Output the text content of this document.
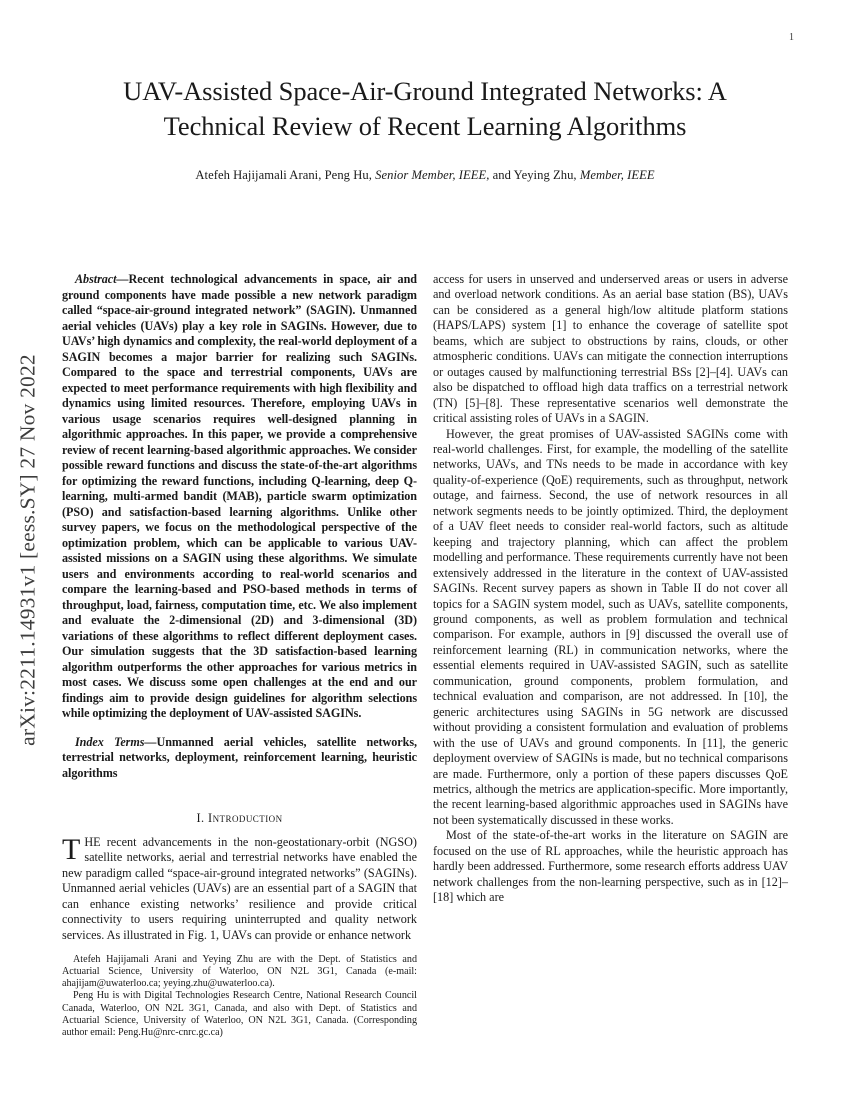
arXiv:2211.14931v1 [eess.SY] 27 Nov 2022
1
UAV-Assisted Space-Air-Ground Integrated Networks: A Technical Review of Recent Learning Algorithms
Atefeh Hajijamali Arani, Peng Hu, Senior Member, IEEE, and Yeying Zhu, Member, IEEE

Abstract—Recent technological advancements in space, air and ground components have made possible a new network paradigm called “space-air-ground integrated network” (SAGIN). Unmanned aerial vehicles (UAVs) play a key role in SAGINs. However, due to UAVs’ high dynamics and complexity, the real-world deployment of a SAGIN becomes a major barrier for realizing such SAGINs. Compared to the space and terrestrial components, UAVs are expected to meet performance requirements with high flexibility and dynamics using limited resources. Therefore, employing UAVs in various usage scenarios requires well-designed planning in algorithmic approaches. In this paper, we provide a comprehensive review of recent learning-based algorithmic approaches. We consider possible reward functions and discuss the state-of-the-art algorithms for optimizing the reward functions, including Q-learning, deep Q-learning, multi-armed bandit (MAB), particle swarm optimization (PSO) and satisfaction-based learning algorithms. Unlike other survey papers, we focus on the methodological perspective of the optimization problem, which can be applicable to various UAV-assisted missions on a SAGIN using these algorithms. We simulate users and environments according to real-world scenarios and compare the learning-based and PSO-based methods in terms of throughput, load, fairness, computation time, etc. We also implement and evaluate the 2-dimensional (2D) and 3-dimensional (3D) variations of these algorithms to reflect different deployment cases. Our simulation suggests that the 3D satisfaction-based learning algorithm outperforms the other approaches for various metrics in most cases. We discuss some open challenges at the end and our findings aim to provide design guidelines for algorithm selections while optimizing the deployment of UAV-assisted SAGINs.

Index Terms—Unmanned aerial vehicles, satellite networks, terrestrial networks, deployment, reinforcement learning, heuristic algorithms

I. Introduction

THE recent advancements in the non-geostationary-orbit (NGSO) satellite networks, aerial and terrestrial networks have enabled the new paradigm called “space-air-ground integrated networks” (SAGINs). Unmanned aerial vehicles (UAVs) are an essential part of a SAGIN that can enhance existing networks’ resilience and provide critical connectivity to users requiring uninterrupted and quality network services. As illustrated in Fig. 1, UAVs can provide or enhance network

Atefeh Hajijamali Arani and Yeying Zhu are with the Dept. of Statistics and Actuarial Science, University of Waterloo, ON N2L 3G1, Canada (e-mail: ahajijam@uwaterloo.ca; yeying.zhu@uwaterloo.ca).

Peng Hu is with Digital Technologies Research Centre, National Research Council Canada, Waterloo, ON N2L 3G1, Canada, and also with Dept. of Statistics and Actuarial Science, University of Waterloo, ON N2L 3G1, Canada. (Corresponding author email: Peng.Hu@nrc-cnrc.gc.ca)

access for users in unserved and underserved areas or users in adverse and overload network conditions. As an aerial base station (BS), UAVs can be considered as a general high/low altitude platform stations (HAPS/LAPS) system [1] to enhance the coverage of satellite spot beams, which are subject to obstructions by rains, clouds, or other atmospheric conditions. UAVs can mitigate the connection interruptions or outages caused by malfunctioning terrestrial BSs [2]–[4]. UAVs can also be dispatched to offload high data traffics on a terrestrial network (TN) [5]–[8]. These representative scenarios well demonstrate the critical assisting roles of UAVs in a SAGIN.

However, the great promises of UAV-assisted SAGINs come with real-world challenges. First, for example, the modelling of the satellite networks, UAVs, and TNs needs to be made in accordance with key quality-of-experience (QoE) requirements, such as throughput, network outage, and fairness. Second, the use of network resources in all network segments needs to be jointly optimized. Third, the deployment of a UAV fleet needs to consider real-world factors, such as altitude keeping and trajectory planning, which can affect the problem modelling and performance. These requirements currently have not been extensively addressed in the literature in the context of UAV-assisted SAGINs. Recent survey papers as shown in Table II do not cover all topics for a SAGIN system model, such as UAVs, satellite components, ground components, as well as problem formulation and technical comparison. For example, authors in [9] discussed the overall use of reinforcement learning (RL) in communication networks, where the essential elements required in UAV-assisted SAGIN, such as satellite communication, ground components, problem formulation, and technical evaluation and comparison, are not addressed. In [10], the generic architectures using SAGINs in 5G network are discussed without providing a consistent formulation and evaluation of problems with the use of UAVs and ground components. In [11], the generic deployment overview of SAGINs is made, but no technical comparisons are made. Furthermore, only a portion of these papers discusses QoE metrics, although the metrics are application-specific. More importantly, the recent learning-based algorithmic approaches used in SAGINs have not been systematically discussed in these works.

Most of the state-of-the-art works in the literature on SAGIN are focused on the use of RL approaches, while the heuristic approach has hardly been addressed. Furthermore, some research efforts address UAV network challenges from the non-learning perspective, such as in [12]–[18] which are
